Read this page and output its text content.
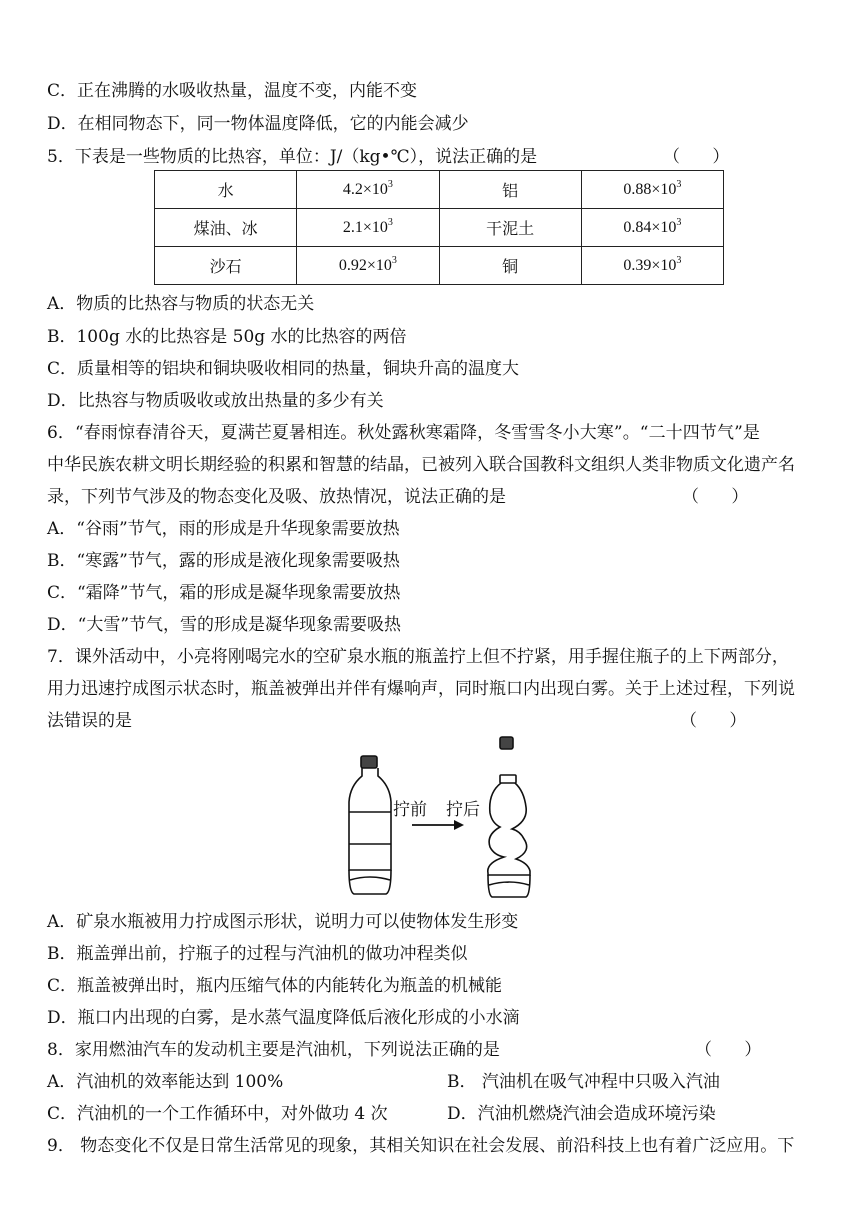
C．正在沸腾的水吸收热量，温度不变，内能不变
D．在相同物态下，同一物体温度降低，它的内能会减少
5．下表是一些物质的比热容，单位：J/（kg•℃），说法正确的是	（      ）
水	$4.2\times 10^3$	铝	$0.88\times 10^3$
煤油、冰	$2.1\times 10^3$	干泥土	$0.84\times 10^3$
沙石	$0.92\times 10^3$	铜	$0.39\times 10^3$
A．物质的比热容与物质的状态无关
B．100g 水的比热容是 50g 水的比热容的两倍
C．质量相等的铝块和铜块吸收相同的热量，铜块升高的温度大
D．比热容与物质吸收或放出热量的多少有关
6．“春雨惊春清谷天，夏满芒夏暑相连。秋处露秋寒霜降，冬雪雪冬小大寒”。“二十四节气”是
中华民族农耕文明长期经验的积累和智慧的结晶，已被列入联合国教科文组织人类非物质文化遗产名
录，下列节气涉及的物态变化及吸、放热情况，说法正确的是	（      ）
A．“谷雨”节气，雨的形成是升华现象需要放热
B．“寒露”节气，露的形成是液化现象需要吸热
C．“霜降”节气，霜的形成是凝华现象需要放热
D．“大雪”节气，雪的形成是凝华现象需要吸热
7．课外活动中，小亮将刚喝完水的空矿泉水瓶的瓶盖拧上但不拧紧，用手握住瓶子的上下两部分，
用力迅速拧成图示状态时，瓶盖被弹出并伴有爆响声，同时瓶口内出现白雾。关于上述过程，下列说
法错误的是	（      ）
拧前 拧后
A．矿泉水瓶被用力拧成图示形状，说明力可以使物体发生形变
B．瓶盖弹出前，拧瓶子的过程与汽油机的做功冲程类似
C．瓶盖被弹出时，瓶内压缩气体的内能转化为瓶盖的机械能
D．瓶口内出现的白雾，是水蒸气温度降低后液化形成的小水滴
8．家用燃油汽车的发动机主要是汽油机，下列说法正确的是	（      ）
A．汽油机的效率能达到 100%	B． 汽油机在吸气冲程中只吸入汽油
C．汽油机的一个工作循环中，对外做功 4 次	D．汽油机燃烧汽油会造成环境污染
9． 物态变化不仅是日常生活常见的现象，其相关知识在社会发展、前沿科技上也有着广泛应用。下
